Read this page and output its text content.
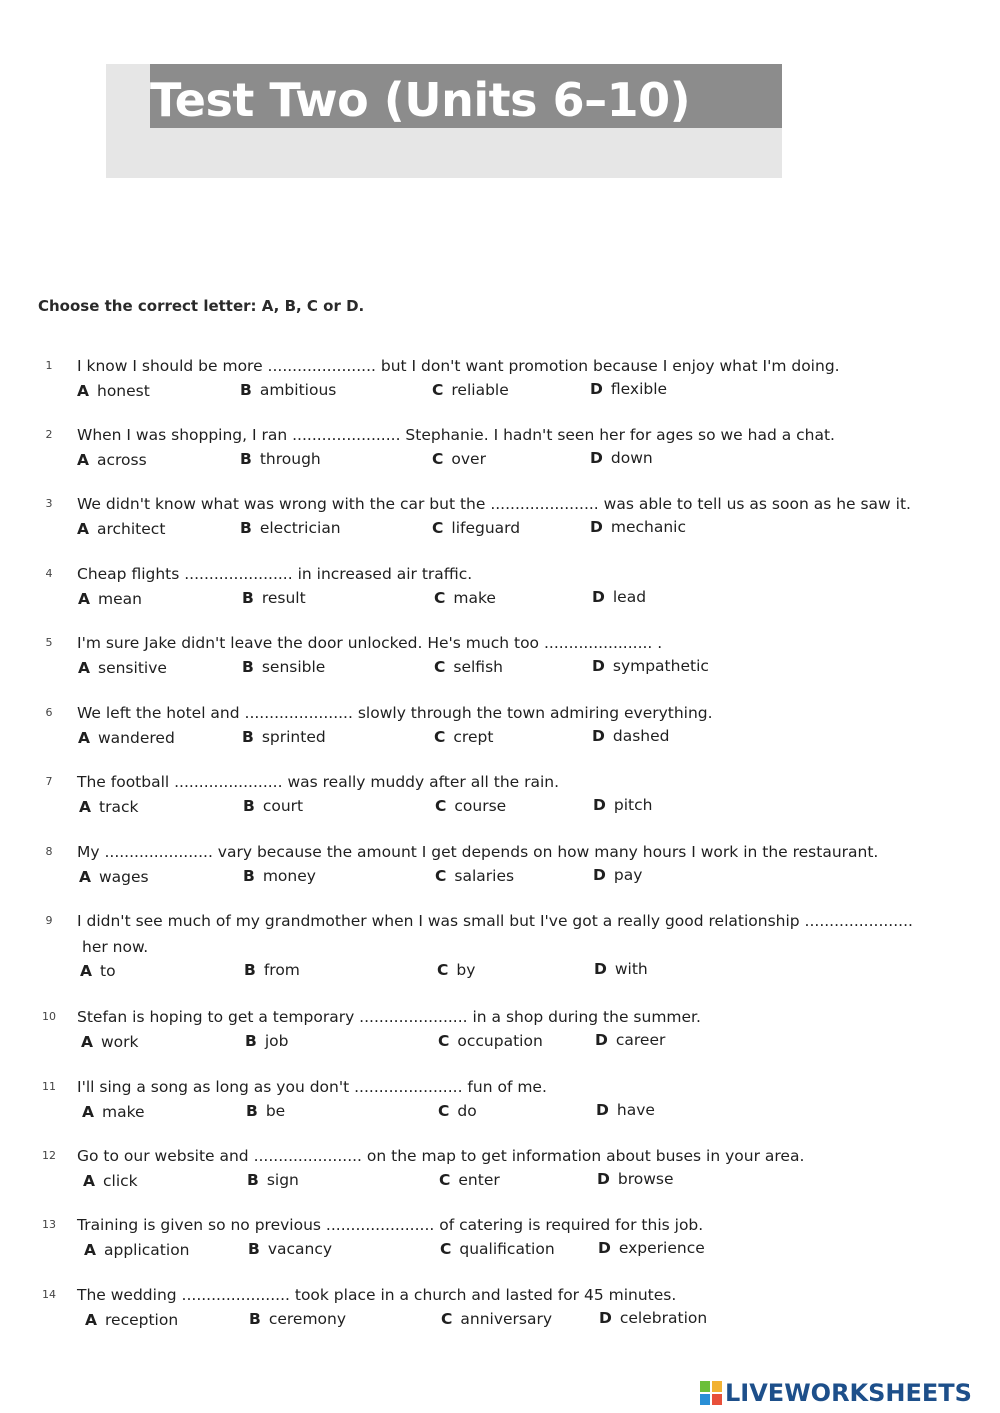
Test Two (Units 6–10)
Choose the correct letter: A, B, C or D.
1	I know I should be more ...................... but I don't want promotion because I enjoy what I'm doing.
A honest	B ambitious	C reliable	D flexible
2	When I was shopping, I ran ...................... Stephanie. I hadn't seen her for ages so we had a chat.
A across	B through	C over	D down
3	We didn't know what was wrong with the car but the ...................... was able to tell us as soon as he saw it.
A architect	B electrician	C lifeguard	D mechanic
4	Cheap flights ...................... in increased air traffic.
A mean	B result	C make	D lead
5	I'm sure Jake didn't leave the door unlocked. He's much too ...................... .
A sensitive	B sensible	C selfish	D sympathetic
6	We left the hotel and ...................... slowly through the town admiring everything.
A wandered	B sprinted	C crept	D dashed
7	The football ...................... was really muddy after all the rain.
A track	B court	C course	D pitch
8	My ...................... vary because the amount I get depends on how many hours I work in the restaurant.
A wages	B money	C salaries	D pay
9	I didn't see much of my grandmother when I was small but I've got a really good relationship ......................
her now.
A to	B from	C by	D with
10	Stefan is hoping to get a temporary ...................... in a shop during the summer.
A work	B job	C occupation	D career
11	I'll sing a song as long as you don't ...................... fun of me.
A make	B be	C do	D have
12	Go to our website and ...................... on the map to get information about buses in your area.
A click	B sign	C enter	D browse
13	Training is given so no previous ...................... of catering is required for this job.
A application	B vacancy	C qualification	D experience
14	The wedding ...................... took place in a church and lasted for 45 minutes.
A reception	B ceremony	C anniversary	D celebration
LIVEWORKSHEETS
